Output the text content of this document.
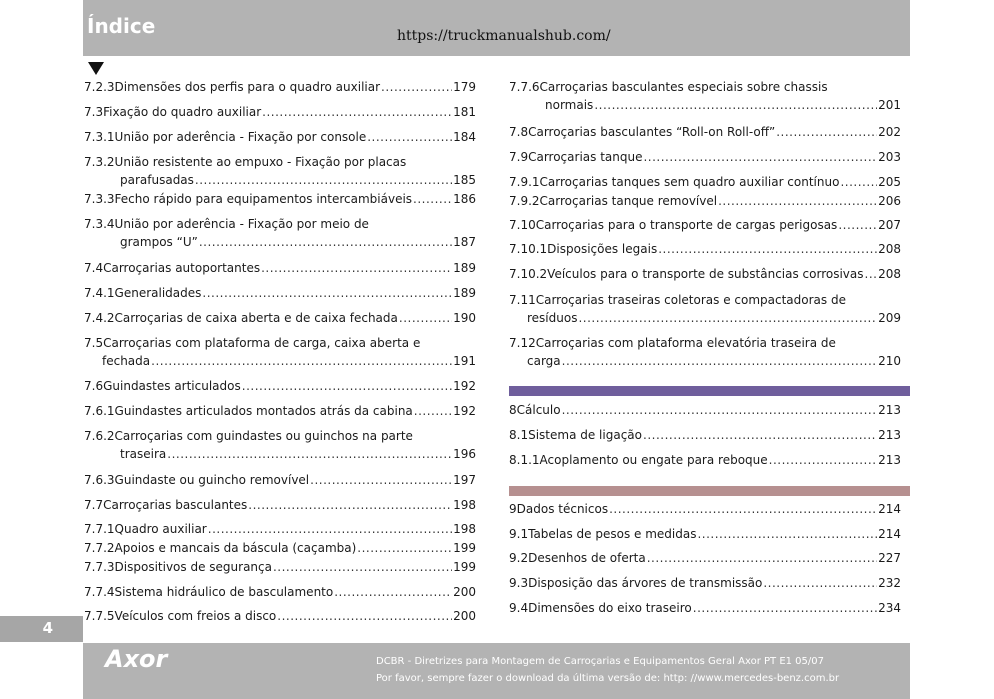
Índice	https://truckmanualshub.com/
7.2.3 Dimensões dos perfis para o quadro auxiliar .....	179
7.3 Fixação do quadro auxiliar .....	181
7.3.1 União por aderência - Fixação por console .....	184
7.3.2 União resistente ao empuxo - Fixação por placas
parafusadas .....	185
7.3.3 Fecho rápido para equipamentos intercambiáveis .....	186
7.3.4 União por aderência - Fixação por meio de
grampos “U” .....	187
7.4 Carroçarias autoportantes .....	189
7.4.1 Generalidades .....	189
7.4.2 Carroçarias de caixa aberta e de caixa fechada .....	190
7.5 Carroçarias com plataforma de carga, caixa aberta e
fechada .....	191
7.6 Guindastes articulados .....	192
7.6.1 Guindastes articulados montados atrás da cabina .....	192
7.6.2 Carroçarias com guindastes ou guinchos na parte
traseira .....	196
7.6.3 Guindaste ou guincho removível .....	197
7.7 Carroçarias basculantes .....	198
7.7.1 Quadro auxiliar .....	198
7.7.2 Apoios e mancais da báscula (caçamba) .....	199
7.7.3 Dispositivos de segurança .....	199
7.7.4 Sistema hidráulico de basculamento .....	200
7.7.5 Veículos com freios a disco .....	200
7.7.6 Carroçarias basculantes especiais sobre chassis
normais .....	201
7.8 Carroçarias basculantes “Roll-on Roll-off” .....	202
7.9 Carroçarias tanque .....	203
7.9.1 Carroçarias tanques sem quadro auxiliar contínuo .....	205
7.9.2 Carroçarias tanque removível .....	206
7.10 Carroçarias para o transporte de cargas perigosas .....	207
7.10.1 Disposições legais .....	208
7.10.2 Veículos para o transporte de substâncias corrosivas ..... 208
7.11 Carroçarias traseiras coletoras e compactadoras de
resíduos .....	209
7.12 Carroçarias com plataforma elevatória traseira de
carga .....	210
8 Cálculo .....	213
8.1 Sistema de ligação .....	213
8.1.1 Acoplamento ou engate para reboque .....	213
9 Dados técnicos .....	214
9.1 Tabelas de pesos e medidas .....	214
9.2 Desenhos de oferta .....	227
9.3 Disposição das árvores de transmissão .....	232
9.4 Dimensões do eixo traseiro .....	234
4
Axor	DCBR - Diretrizes para Montagem de Carroçarias e Equipamentos Geral Axor PT E1 05/07
Por favor, sempre fazer o download da última versão de: http: //www.mercedes-benz.com.br
